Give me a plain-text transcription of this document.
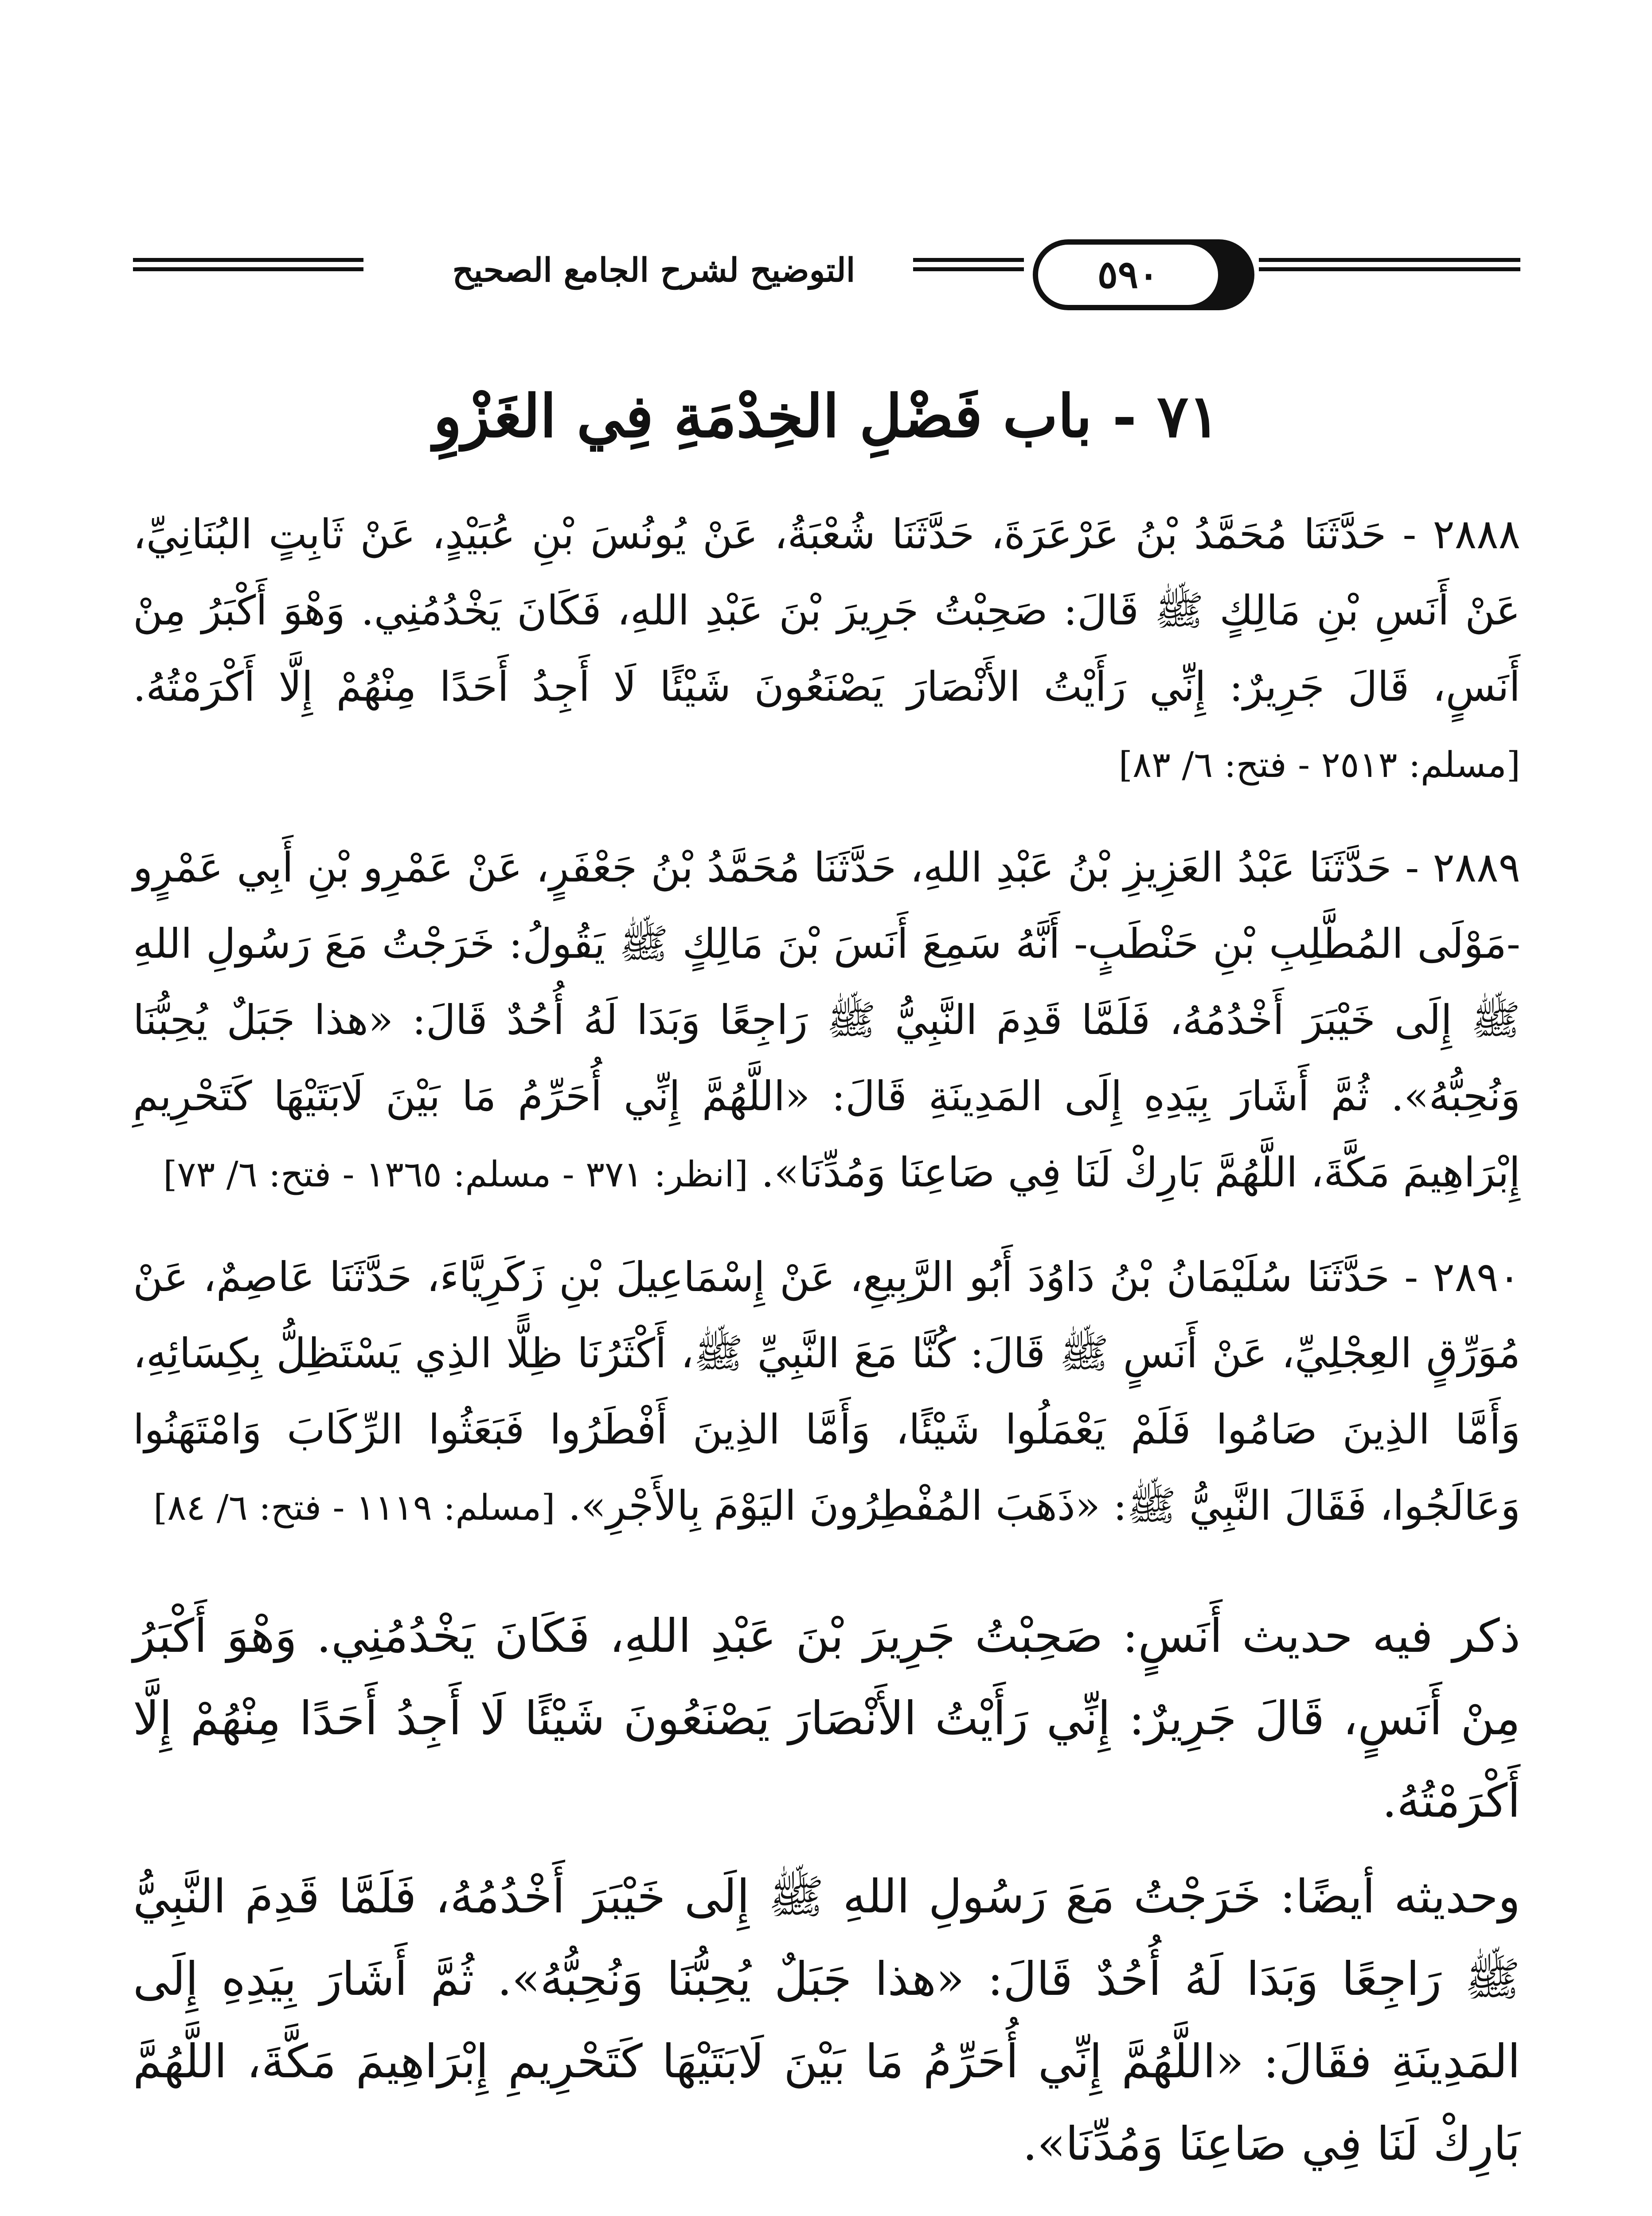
التوضيح لشرح الجامع الصحيح	٥٩٠
٧١ - باب فَضْلِ الخِدْمَةِ فِي الغَزْوِ

٢٨٨٨ - حَدَّثَنَا مُحَمَّدُ بْنُ عَرْعَرَةَ، حَدَّثَنَا شُعْبَةُ، عَنْ يُونُسَ بْنِ عُبَيْدٍ، عَنْ ثَابِتٍ البُنَانِيِّ، عَنْ أَنَسِ بْنِ مَالِكٍ ﷺ قَالَ: صَحِبْتُ جَرِيرَ بْنَ عَبْدِ اللهِ، فَكَانَ يَخْدُمُنِي. وَهْوَ أَكْبَرُ مِنْ أَنَسٍ، قَالَ جَرِيرٌ: إِنِّي رَأَيْتُ الأَنْصَارَ يَصْنَعُونَ شَيْئًا لَا أَجِدُ أَحَدًا مِنْهُمْ إِلَّا أَكْرَمْتُهُ. [مسلم: ٢٥١٣ - فتح: ٦/ ٨٣]

٢٨٨٩ - حَدَّثَنَا عَبْدُ العَزِيزِ بْنُ عَبْدِ اللهِ، حَدَّثَنَا مُحَمَّدُ بْنُ جَعْفَرٍ، عَنْ عَمْرِو بْنِ أَبِي عَمْرٍو -مَوْلَى المُطَّلِبِ بْنِ حَنْطَبٍ- أَنَّهُ سَمِعَ أَنَسَ بْنَ مَالِكٍ ﷺ يَقُولُ: خَرَجْتُ مَعَ رَسُولِ اللهِ ﷺ إِلَى خَيْبَرَ أَخْدُمُهُ، فَلَمَّا قَدِمَ النَّبِيُّ ﷺ رَاجِعًا وَبَدَا لَهُ أُحُدٌ قَالَ: «هذا جَبَلٌ يُحِبُّنَا وَنُحِبُّهُ». ثُمَّ أَشَارَ بِيَدِهِ إِلَى المَدِينَةِ قَالَ: «اللَّهُمَّ إِنِّي أُحَرِّمُ مَا بَيْنَ لَابَتَيْهَا كَتَحْرِيمِ إِبْرَاهِيمَ مَكَّةَ، اللَّهُمَّ بَارِكْ لَنَا فِي صَاعِنَا وَمُدِّنَا». [انظر: ٣٧١ - مسلم: ١٣٦٥ - فتح: ٦/ ٧٣]

٢٨٩٠ - حَدَّثَنَا سُلَيْمَانُ بْنُ دَاوُدَ أَبُو الرَّبِيعِ، عَنْ إِسْمَاعِيلَ بْنِ زَكَرِيَّاءَ، حَدَّثَنَا عَاصِمٌ، عَنْ مُوَرِّقٍ العِجْلِيِّ، عَنْ أَنَسٍ ﷺ قَالَ: كُنَّا مَعَ النَّبِيِّ ﷺ، أَكْثَرُنَا ظِلًّا الذِي يَسْتَظِلُّ بِكِسَائِهِ، وَأَمَّا الذِينَ صَامُوا فَلَمْ يَعْمَلُوا شَيْئًا، وَأَمَّا الذِينَ أَفْطَرُوا فَبَعَثُوا الرِّكَابَ وَامْتَهَنُوا وَعَالَجُوا، فَقَالَ النَّبِيُّ ﷺ: «ذَهَبَ المُفْطِرُونَ اليَوْمَ بِالأَجْرِ». [مسلم: ١١١٩ - فتح: ٦/ ٨٤]

ذكر فيه حديث أَنَسٍ: صَحِبْتُ جَرِيرَ بْنَ عَبْدِ اللهِ، فَكَانَ يَخْدُمُنِي. وَهْوَ أَكْبَرُ مِنْ أَنَسٍ، قَالَ جَرِيرٌ: إِنِّي رَأَيْتُ الأَنْصَارَ يَصْنَعُونَ شَيْئًا لَا أَجِدُ أَحَدًا مِنْهُمْ إِلَّا أَكْرَمْتُهُ.

وحديثه أيضًا: خَرَجْتُ مَعَ رَسُولِ اللهِ ﷺ إِلَى خَيْبَرَ أَخْدُمُهُ، فَلَمَّا قَدِمَ النَّبِيُّ ﷺ رَاجِعًا وَبَدَا لَهُ أُحُدٌ قَالَ: «هذا جَبَلٌ يُحِبُّنَا وَنُحِبُّهُ». ثُمَّ أَشَارَ بِيَدِهِ إِلَى المَدِينَةِ فقَالَ: «اللَّهُمَّ إِنِّي أُحَرِّمُ مَا بَيْنَ لَابَتَيْهَا كَتَحْرِيمِ إِبْرَاهِيمَ مَكَّةَ، اللَّهُمَّ بَارِكْ لَنَا فِي صَاعِنَا وَمُدِّنَا».
